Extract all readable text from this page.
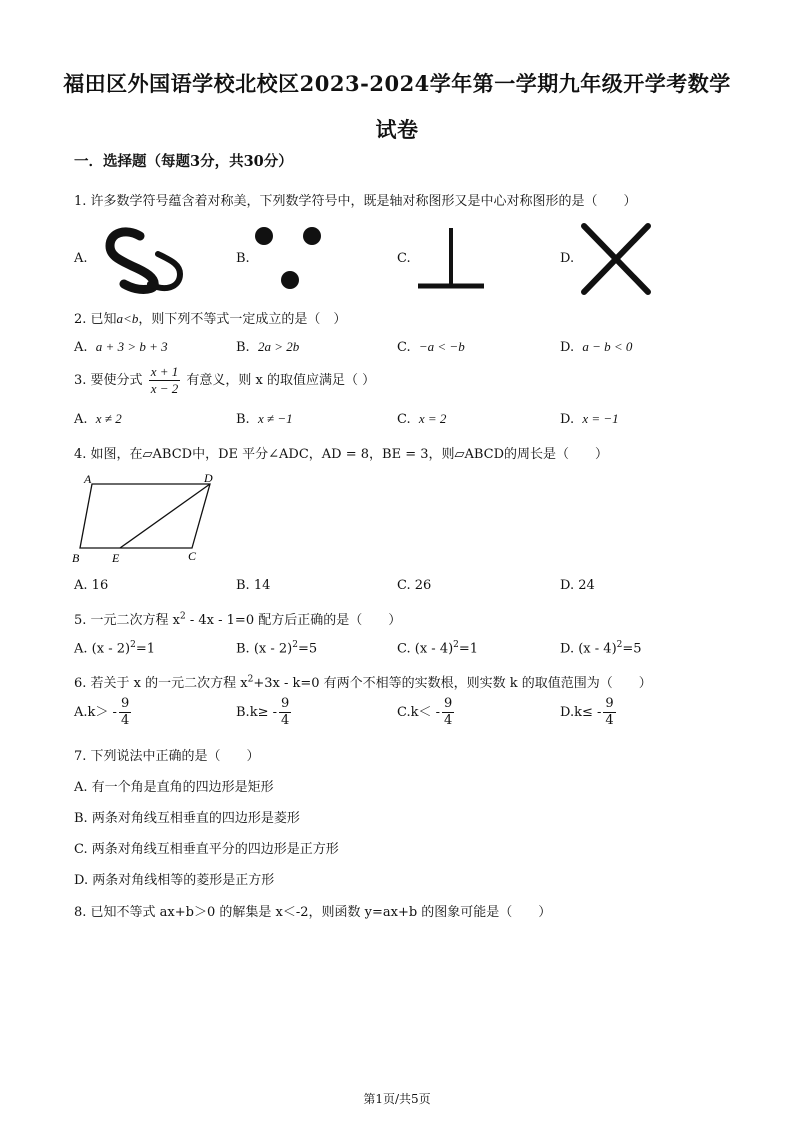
福田区外国语学校北校区2023-2024学年第一学期九年级开学考数学
试卷
一．选择题（每题3分，共30分）
1. 许多数学符号蕴含着对称美，下列数学符号中，既是轴对称图形又是中心对称图形的是（　　）
A.	B.	C.	D.
2. 已知a<b，则下列不等式一定成立的是（　）
A. a + 3 > b + 3	B. 2a > 2b	C. −a < −b	D. a − b < 0
3. 要使分式 $\frac{x + 1}{x - 2}$ 有意义，则 x 的取值应满足（ ）
A. x ≠ 2	B. x ≠ −1	C. x = 2	D. x = −1
4. 如图，在▱ABCD中，DE 平分∠ADC，AD = 8，BE = 3，则▱ABCD的周长是（　　）
A	D
B	E	C
A. 16	B. 14	C. 26	D. 24
5. 一元二次方程 $x^2 - 4x - 1=0$ 配方后正确的是（　　）
A. (x - 2)$^2$=1	B. (x - 2)$^2$=5	C. (x - 4)$^2$=1	D. (x - 4)$^2$=5
6. 若关于 x 的一元二次方程 $x^2+3x - k=0$ 有两个不相等的实数根，则实数 k 的取值范围为（　　）
$A.k> - \frac{9}{4}$	$B.k\ge - \frac{9}{4}$	$C.k< - \frac{9}{4}$	$D.k\le - \frac{9}{4}$
7. 下列说法中正确的是（　　）
A. 有一个角是直角的四边形是矩形
B. 两条对角线互相垂直的四边形是菱形
C. 两条对角线互相垂直平分的四边形是正方形
D. 两条对角线相等的菱形是正方形
8. 已知不等式 ax+b＞0 的解集是 x＜-2，则函数 y=ax+b 的图象可能是（　　）
第1页/共5页
